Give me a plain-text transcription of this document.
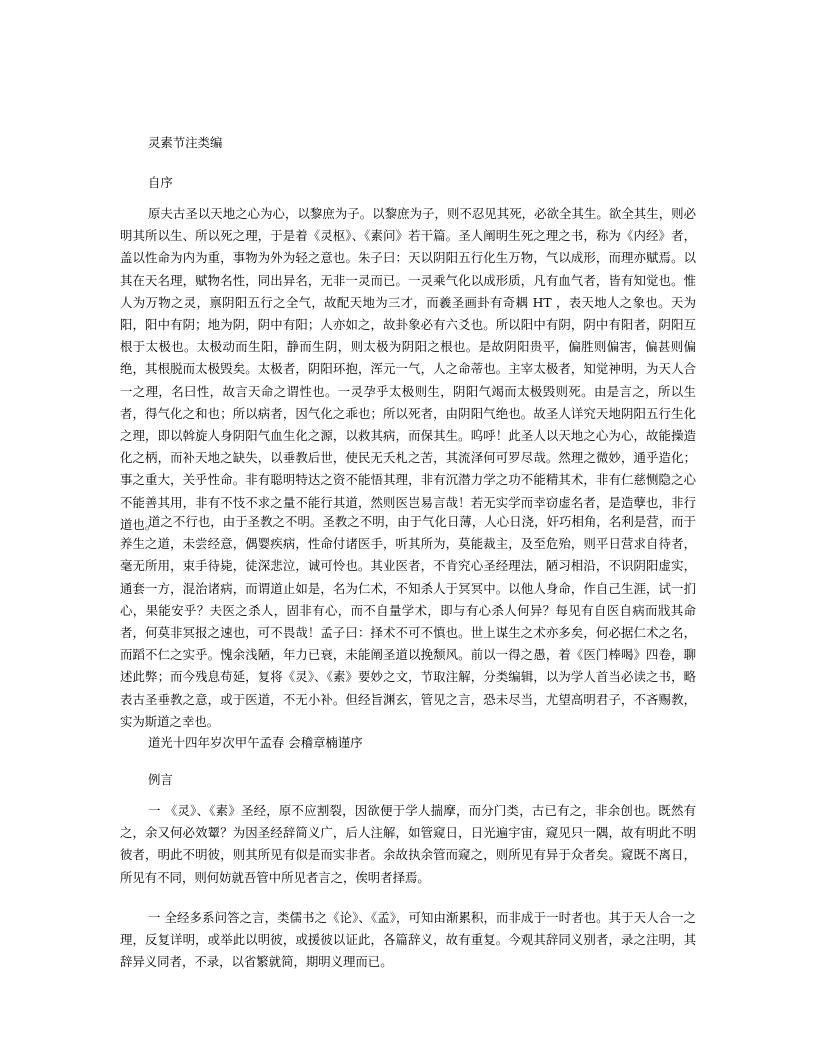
灵素节注类编
自序

原夫古圣以天地之心为心，以黎庶为子。以黎庶为子，则不忍见其死，必欲全其生。欲全其生，则必明其所以生、所以死之理，于是着《灵枢》、《素问》若干篇。圣人阐明生死之理之书，称为《内经》者，盖以性命为内为重，事物为外为轻之意也。朱子曰：天以阴阳五行化生万物，气以成形，而理亦赋焉。以其在天名理，赋物名性，同出异名，无非一灵而已。一灵乘气化以成形质，凡有血气者，皆有知觉也。惟人为万物之灵，禀阴阳五行之全气，故配天地为三才，而羲圣画卦有奇耦 HT ，表天地人之象也。天为阳，阳中有阴；地为阴，阴中有阳；人亦如之，故卦象必有六爻也。所以阳中有阴，阴中有阳者，阴阳互根于太极也。太极动而生阳，静而生阴，则太极为阴阳之根也。是故阴阳贵平，偏胜则偏害，偏甚则偏绝，其根脱而太极毁矣。太极者，阴阳环抱，浑元一气，人之命蒂也。主宰太极者，知觉神明，为天人合一之理，名曰性，故言天命之谓性也。一灵孕乎太极则生，阴阳气竭而太极毁则死。由是言之，所以生者，得气化之和也；所以病者，因气化之乖也；所以死者，由阴阳气绝也。故圣人详究天地阴阳五行生化之理，即以斡旋人身阴阳气血生化之源，以救其病，而保其生。呜呼！此圣人以天地之心为心，故能操造化之柄，而补天地之缺失，以垂教后世，使民无夭札之苦，其流泽何可罗尽哉。然理之微妙，通乎造化；事之重大，关乎性命。非有聪明特达之资不能悟其理，非有沉潜力学之功不能精其术，非有仁慈恻隐之心不能善其用，非有不忮不求之量不能行其道，然则医岂易言哉！若无实学而幸窃虚名者，是造孽也，非行道也。

道之不行也，由于圣教之不明。圣教之不明，由于气化日薄，人心日浇，奸巧相角，名利是营，而于养生之道，未尝经意，偶婴疾病，性命付诸医手，听其所为，莫能裁主，及至危殆，则平日营求自待者，毫无所用，束手待毙，徒深悲泣，诚可怜也。其业医者，不肯究心圣经理法，陋习相沿，不识阴阳虚实，通套一方，混治诸病，而谓道止如是，名为仁术，不知杀人于冥冥中。以他人身命，作自己生涯，试一扪心，果能安乎？夫医之杀人，固非有心，而不自量学术，即与有心杀人何异？每见有自医自病而戕其命者，何莫非冥报之速也，可不畏哉！孟子曰：择术不可不慎也。世上谋生之术亦多矣，何必据仁术之名，而蹈不仁之实乎。愧余浅陋，年力已衰，未能阐圣道以挽颓风。前以一得之愚，着《医门棒喝》四卷，聊述此弊；而今残息苟延，复将《灵》、《素》要妙之文，节取注解，分类编辑，以为学人首当必读之书，略表古圣垂教之意，或于医道，不无小补。但经旨渊玄，管见之言，恐未尽当，尤望高明君子，不吝赐教，实为斯道之幸也。

道光十四年岁次甲午孟春 会稽章楠谨序
例言

一 《灵》、《素》圣经，原不应割裂，因欲便于学人揣摩，而分门类，古已有之，非余创也。既然有之，余又何必效颦？为因圣经辞简义广，后人注解，如管窥日，日光遍宇宙，窥见只一隅，故有明此不明彼者，明此不明彼，则其所见有似是而实非者。余故执余管而窥之，则所见有异于众者矣。窥既不离日，所见有不同，则何妨就吾管中所见者言之，俟明者择焉。

一 全经多系问答之言，类儒书之《论》、《孟》，可知由渐累积，而非成于一时者也。其于天人合一之理，反复详明，或举此以明彼，或援彼以证此，各篇辞义，故有重复。今观其辞同义别者，录之注明，其辞异义同者，不录，以省繁就简，期明义理而已。
